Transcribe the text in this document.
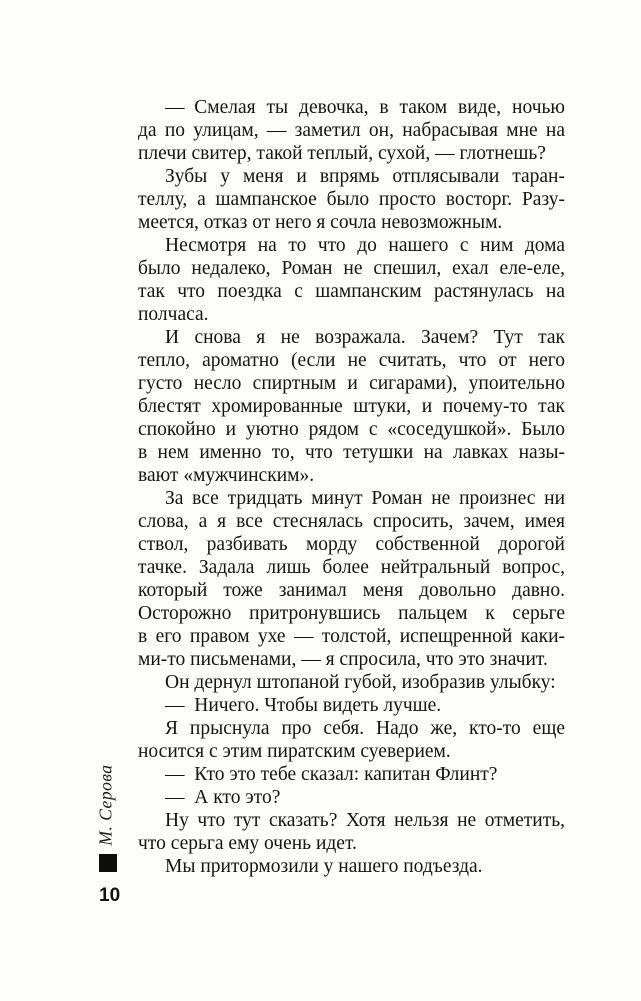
— Смелая ты девочка, в таком виде, ночью
да по улицам, — заметил он, набрасывая мне на
плечи свитер, такой теплый, сухой, — глотнешь?
Зубы у меня и впрямь отплясывали таран-
теллу, а шампанское было просто восторг. Разу-
меется, отказ от него я сочла невозможным.
Несмотря на то что до нашего с ним дома
было недалеко, Роман не спешил, ехал еле-еле,
так что поездка с шампанским растянулась на
полчаса.
И снова я не возражала. Зачем? Тут так
тепло, ароматно (если не считать, что от него
густо несло спиртным и сигарами), упоительно
блестят хромированные штуки, и почему-то так
спокойно и уютно рядом с «соседушкой». Было
в нем именно то, что тетушки на лавках назы-
вают «мужчинским».
За все тридцать минут Роман не произнес ни
слова, а я все стеснялась спросить, зачем, имея
ствол, разбивать морду собственной дорогой
тачке. Задала лишь более нейтральный вопрос,
который тоже занимал меня довольно давно.
Осторожно притронувшись пальцем к серьге
в его правом ухе — толстой, испещренной каки-
ми-то письменами, — я спросила, что это значит.
Он дернул штопаной губой, изобразив улыбку:
— Ничего. Чтобы видеть лучше.
Я прыснула про себя. Надо же, кто-то еще
носится с этим пиратским суеверием.
— Кто это тебе сказал: капитан Флинт?
— А кто это?
Ну что тут сказать? Хотя нельзя не отметить,
что серьга ему очень идет.
Мы притормозили у нашего подъезда.
М. Серова
10
